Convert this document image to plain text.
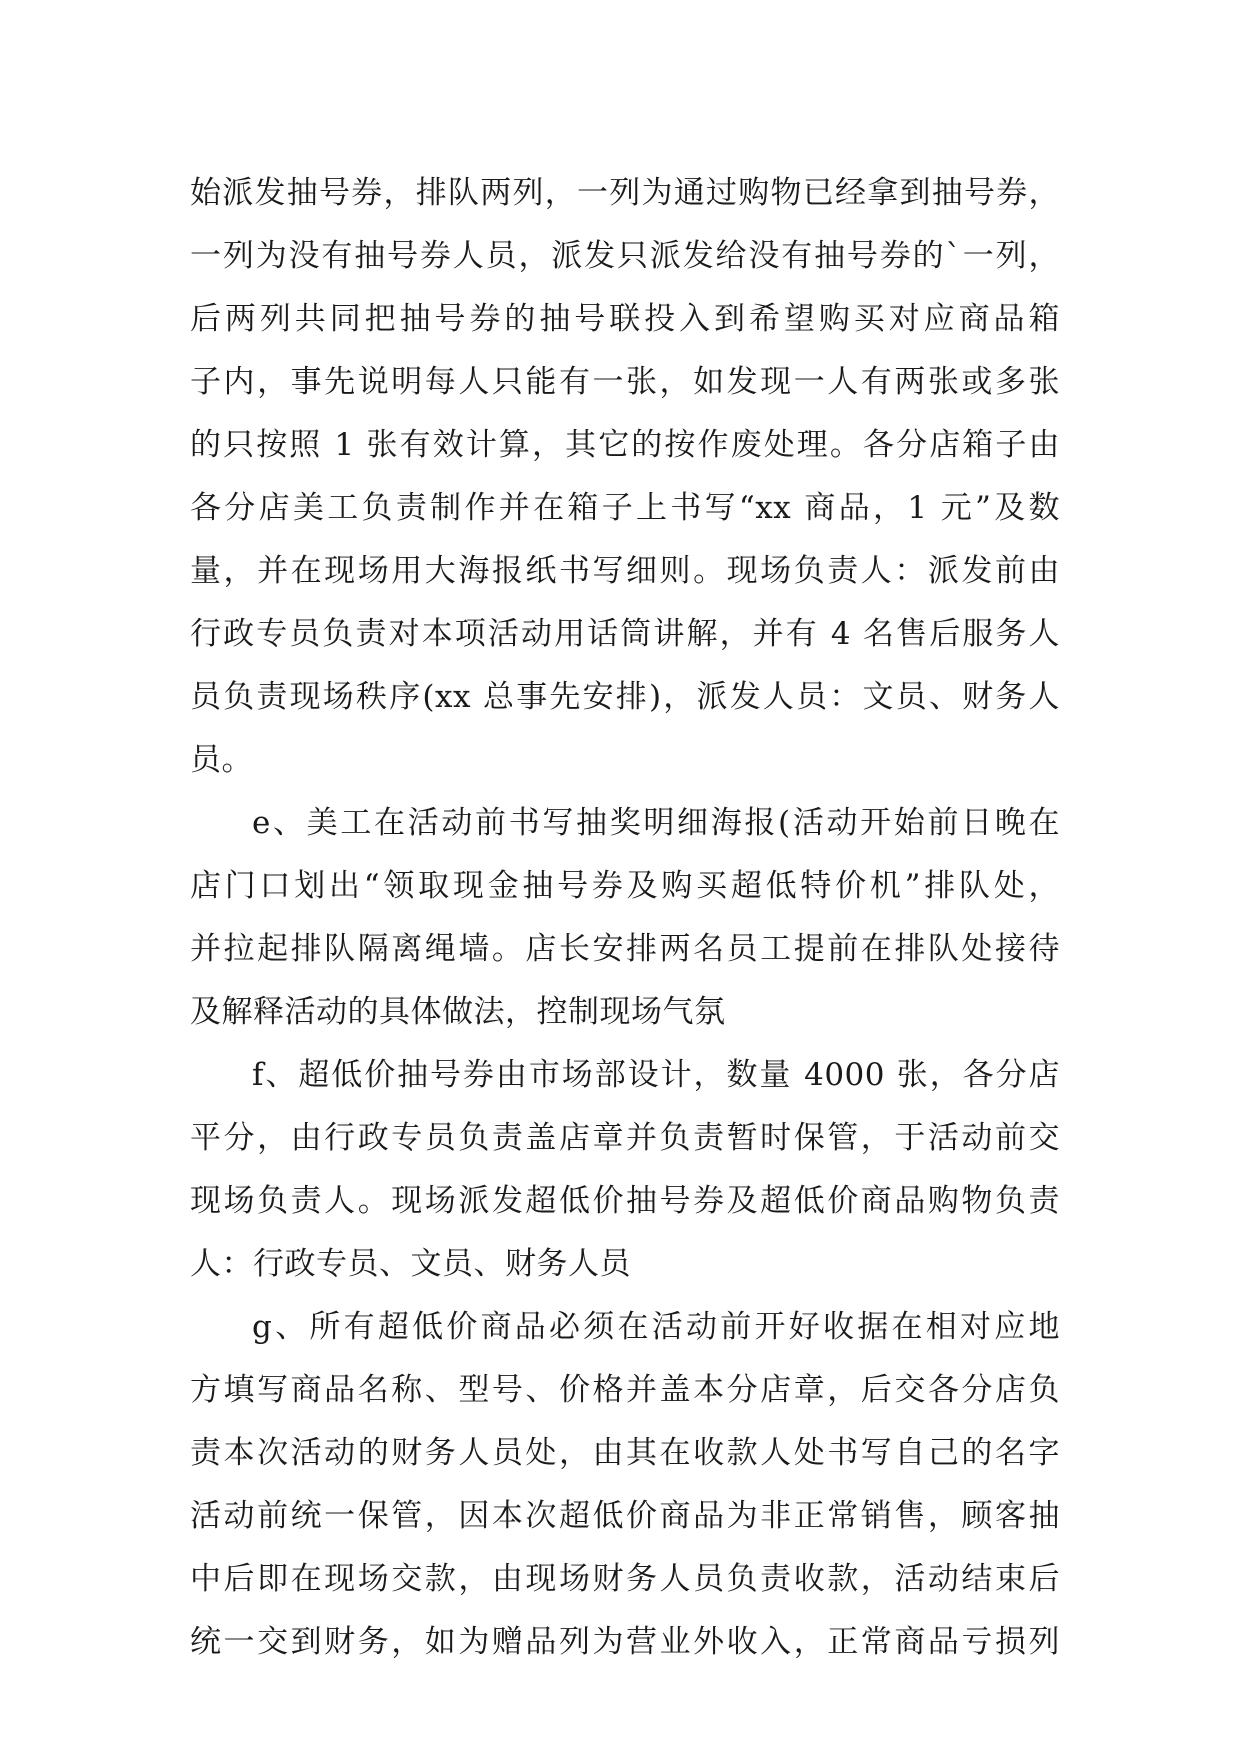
始派发抽号券，排队两列，一列为通过购物已经拿到抽号券，
一列为没有抽号券人员，派发只派发给没有抽号券的`一列，
后两列共同把抽号券的抽号联投入到希望购买对应商品箱
子内，事先说明每人只能有一张，如发现一人有两张或多张
的只按照 1 张有效计算，其它的按作废处理。各分店箱子由
各分店美工负责制作并在箱子上书写“xx 商品，1 元”及数
量，并在现场用大海报纸书写细则。现场负责人：派发前由
行政专员负责对本项活动用话筒讲解，并有 4 名售后服务人
员负责现场秩序(xx 总事先安排)，派发人员：文员、财务人
员。

e、美工在活动前书写抽奖明细海报(活动开始前日晚在
店门口划出“领取现金抽号券及购买超低特价机”排队处，
并拉起排队隔离绳墙。店长安排两名员工提前在排队处接待
及解释活动的具体做法，控制现场气氛

f、超低价抽号券由市场部设计，数量 4000 张，各分店
平分，由行政专员负责盖店章并负责暂时保管，于活动前交
现场负责人。现场派发超低价抽号券及超低价商品购物负责
人：行政专员、文员、财务人员

g、所有超低价商品必须在活动前开好收据在相对应地
方填写商品名称、型号、价格并盖本分店章，后交各分店负
责本次活动的财务人员处，由其在收款人处书写自己的名字
活动前统一保管，因本次超低价商品为非正常销售，顾客抽
中后即在现场交款，由现场财务人员负责收款，活动结束后
统一交到财务，如为赠品列为营业外收入，正常商品亏损列
